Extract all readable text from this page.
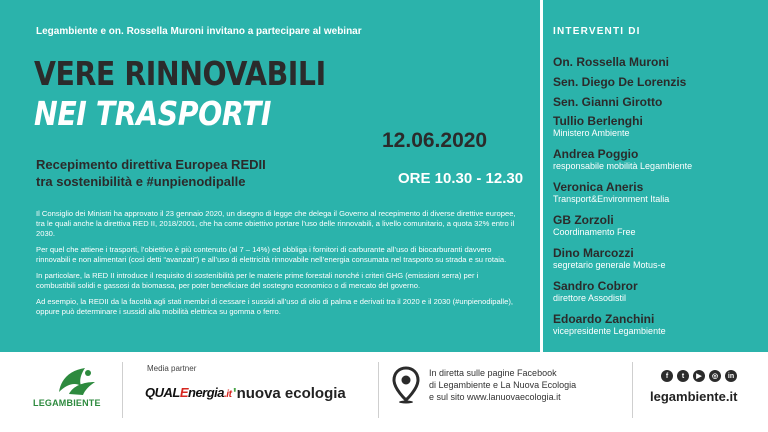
Legambiente e on. Rossella Muroni invitano a partecipare al webinar
VERE RINNOVABILI
NEI TRASPORTI
Recepimento direttiva Europea REDII
tra sostenibilità e #unpienodipalle
12.06.2020
ORE 10.30 - 12.30

Il Consiglio dei Ministri ha approvato il 23 gennaio 2020, un disegno di legge che delega il Governo al recepimento di diverse direttive europee, tra le quali anche la direttiva RED II, 2018/2001, che ha come obiettivo portare l’uso delle rinnovabili, a livello comunitario, a quota 32% entro il 2030.

Per quel che attiene i trasporti, l’obiettivo è più contenuto (al 7 – 14%) ed obbliga i fornitori di carburante all’uso di biocarburanti davvero rinnovabili e non alimentari (così detti “avanzati”) e all’uso di elettricità rinnovabile nell’energia consumata nel trasporto su strada e su rotaia.

In particolare, la RED II introduce il requisito di sostenibilità per le materie prime forestali nonché i criteri GHG (emissioni serra) per i combustibili solidi e gassosi da biomassa, per poter beneficiare del sostegno economico o di mercato del governo.

Ad esempio, la REDII da la facoltà agli stati membri di cessare i sussidi all’uso di olio di palma e derivati tra il 2020 e il 2030 (#unpienodipalle), oppure può determinare i sussidi alla mobilità elettrica su gomma o ferro.

INTERVENTI DI
On. Rossella Muroni
Sen. Diego De Lorenzis
Sen. Gianni Girotto
Tullio Berlenghi
Ministero Ambiente
Andrea Poggio
responsabile mobilità Legambiente
Veronica Aneris
Transport&Environment Italia
GB Zorzoli
Coordinamento Free
Dino Marcozzi
segretario generale Motus-e
Sandro Cobror
direttore Assodistil
Edoardo Zanchini
vicepresidente Legambiente
LEGAMBIENTE
Media partner
QUALEnergia.it 'nuova ecologia
In diretta sulle pagine Facebook
di Legambiente e La Nuova Ecologia
e sul sito www.lanuovaecologia.it
f	t	▶	◎	in
legambiente.it
